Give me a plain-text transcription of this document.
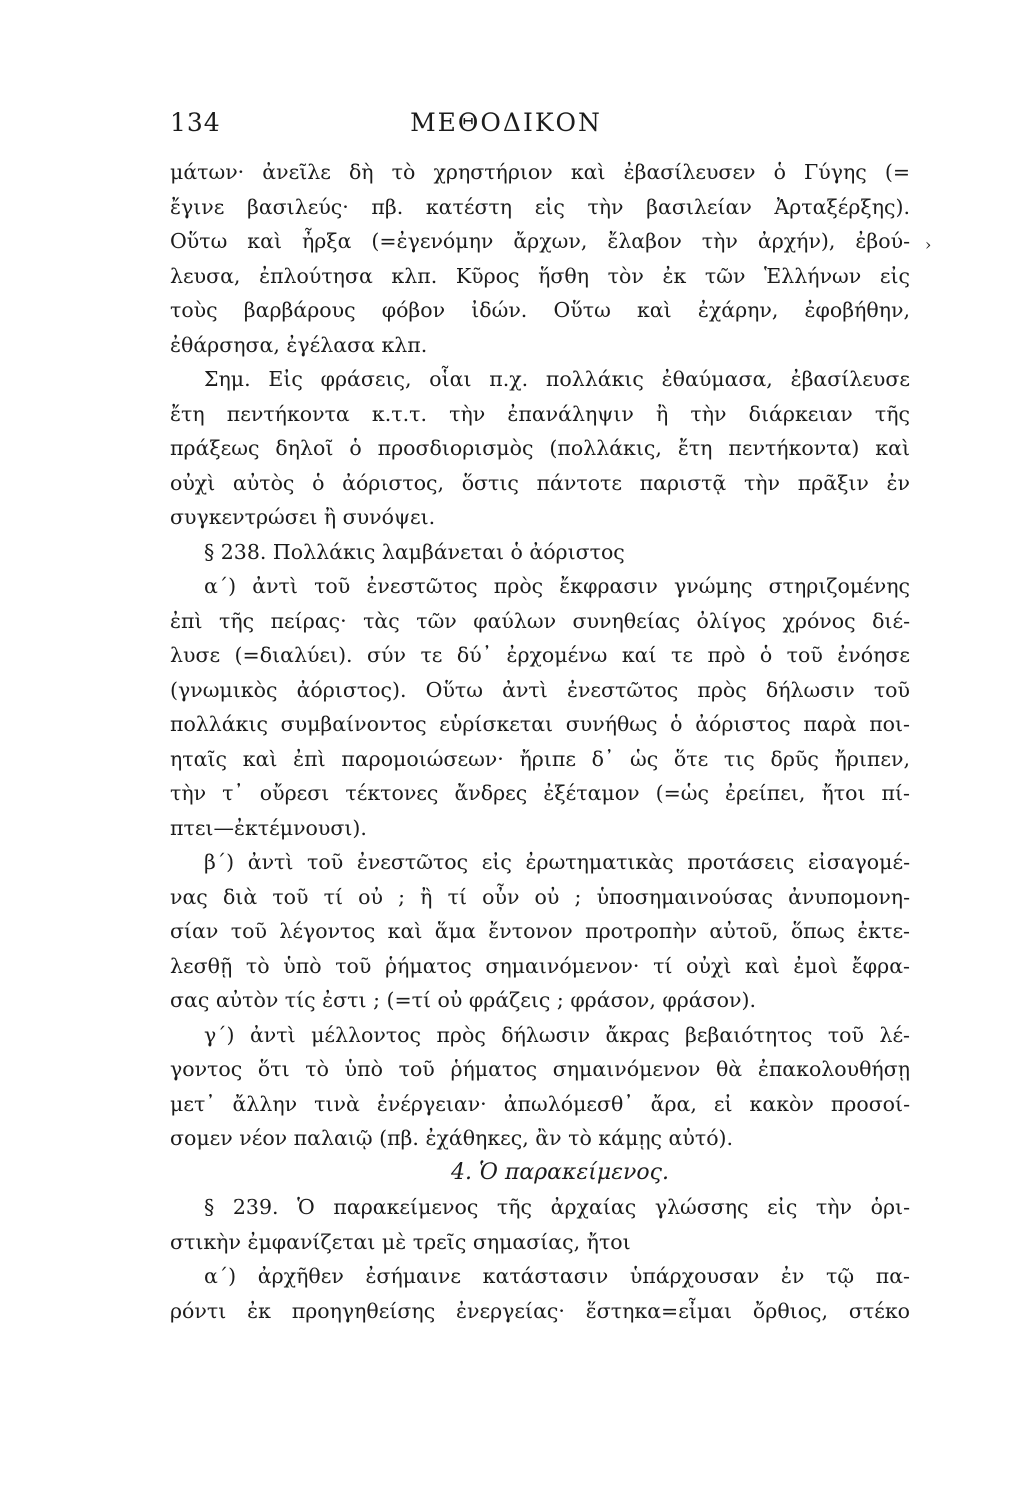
134	ΜΕΘΟΔΙΚΟΝ
›
μάτων· ἀνεῖλε δὴ τὸ χρηστήριον καὶ ἐβασίλευσεν ὁ Γύγης (=
ἔγινε βασιλεύς· πβ. κατέστη εἰς τὴν βασιλείαν Ἀρταξέρξης).
Οὕτω καὶ ἦρξα (=ἐγενόμην ἄρχων, ἔλαβον τὴν ἀρχήν), ἐβού-
λευσα, ἐπλούτησα κλπ. Κῦρος ἥσθη τὸν ἐκ τῶν Ἑλλήνων εἰς
τοὺς βαρβάρους φόβον ἰδών. Οὕτω καὶ ἐχάρην, ἐφοβήθην,
ἐθάρσησα, ἐγέλασα κλπ.
Σημ. Εἰς φράσεις, οἷαι π.χ. πολλάκις ἐθαύμασα, ἐβασίλευσε
ἔτη πεντήκοντα κ.τ.τ. τὴν ἐπανάληψιν ἢ τὴν διάρκειαν τῆς
πράξεως δηλοῖ ὁ προσδιορισμὸς (πολλάκις, ἔτη πεντήκοντα) καὶ
οὐχὶ αὐτὸς ὁ ἀόριστος, ὅστις πάντοτε παριστᾷ τὴν πρᾶξιν ἐν
συγκεντρώσει ἢ συνόψει.
§ 238. Πολλάκις λαμβάνεται ὁ ἀόριστος
α΄) ἀντὶ τοῦ ἐνεστῶτος πρὸς ἔκφρασιν γνώμης στηριζομένης
ἐπὶ τῆς πείρας· τὰς τῶν φαύλων συνηθείας ὀλίγος χρόνος διέ-
λυσε (=διαλύει). σύν τε δύ᾽ ἐρχομένω καί τε πρὸ ὁ τοῦ ἐνόησε
(γνωμικὸς ἀόριστος). Οὕτω ἀντὶ ἐνεστῶτος πρὸς δήλωσιν τοῦ
πολλάκις συμβαίνοντος εὑρίσκεται συνήθως ὁ ἀόριστος παρὰ ποι-
ηταῖς καὶ ἐπὶ παρομοιώσεων· ἤριπε δ᾽ ὡς ὅτε τις δρῦς ἤριπεν,
τὴν τ᾽ οὔρεσι τέκτονες ἄνδρες ἐξέταμον (=ὡς ἐρείπει, ἤτοι πί-
πτει—ἐκτέμνουσι).
β΄) ἀντὶ τοῦ ἐνεστῶτος εἰς ἐρωτηματικὰς προτάσεις εἰσαγομέ-
νας διὰ τοῦ τί οὐ ; ἢ τί οὖν οὐ ; ὑποσημαινούσας ἀνυπομονη-
σίαν τοῦ λέγοντος καὶ ἅμα ἔντονον προτροπὴν αὐτοῦ, ὅπως ἐκτε-
λεσθῇ τὸ ὑπὸ τοῦ ῥήματος σημαινόμενον· τί οὐχὶ καὶ ἐμοὶ ἔφρα-
σας αὐτὸν τίς ἐστι ; (=τί οὐ φράζεις ; φράσον, φράσον).
γ΄) ἀντὶ μέλλοντος πρὸς δήλωσιν ἄκρας βεβαιότητος τοῦ λέ-
γοντος ὅτι τὸ ὑπὸ τοῦ ῥήματος σημαινόμενον θὰ ἐπακολουθήσῃ
μετ᾽ ἄλλην τινὰ ἐνέργειαν· ἀπωλόμεσθ᾽ ἄρα, εἰ κακὸν προσοί-
σομεν νέον παλαιῷ (πβ. ἐχάθηκες, ἂν τὸ κάμῃς αὐτό).
4. Ὁ παρακείμενος.
§ 239. Ὁ παρακείμενος τῆς ἀρχαίας γλώσσης εἰς τὴν ὁρι-
στικὴν ἐμφανίζεται μὲ τρεῖς σημασίας, ἤτοι
α΄) ἀρχῆθεν ἐσήμαινε κατάστασιν ὑπάρχουσαν ἐν τῷ πα-
ρόντι ἐκ προηγηθείσης ἐνεργείας· ἕστηκα=εἶμαι ὄρθιος, στέκο
